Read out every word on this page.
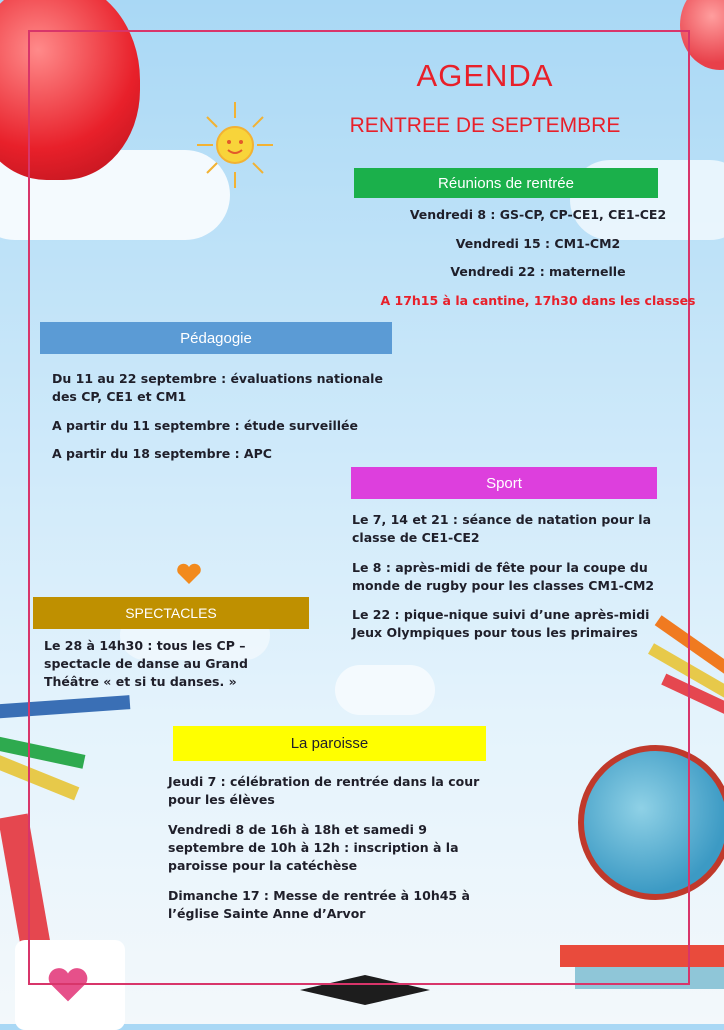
AGENDA
RENTREE DE SEPTEMBRE
Réunions de rentrée
Vendredi 8 : GS-CP, CP-CE1, CE1-CE2
Vendredi 15 : CM1-CM2
Vendredi 22 : maternelle
A 17h15 à la cantine, 17h30 dans les classes
Pédagogie
Du 11 au 22 septembre : évaluations nationale des CP, CE1 et CM1
A partir du 11 septembre : étude surveillée
A partir du 18 septembre : APC
Sport
Le 7, 14 et 21 : séance de natation pour la classe de CE1-CE2
Le 8 : après-midi de fête pour la coupe du monde de rugby pour les classes CM1-CM2
Le 22 : pique-nique suivi d’une après-midi Jeux Olympiques pour tous les primaires
SPECTACLES
Le 28 à 14h30 : tous les CP – spectacle de danse au Grand Théâtre « et si tu danses. »
La paroisse
Jeudi 7 : célébration de rentrée dans la cour pour les élèves
Vendredi 8 de 16h à 18h et samedi 9 septembre de 10h à 12h : inscription à la paroisse pour la catéchèse
Dimanche 17 : Messe de rentrée à 10h45 à l’église Sainte Anne d’Arvor
